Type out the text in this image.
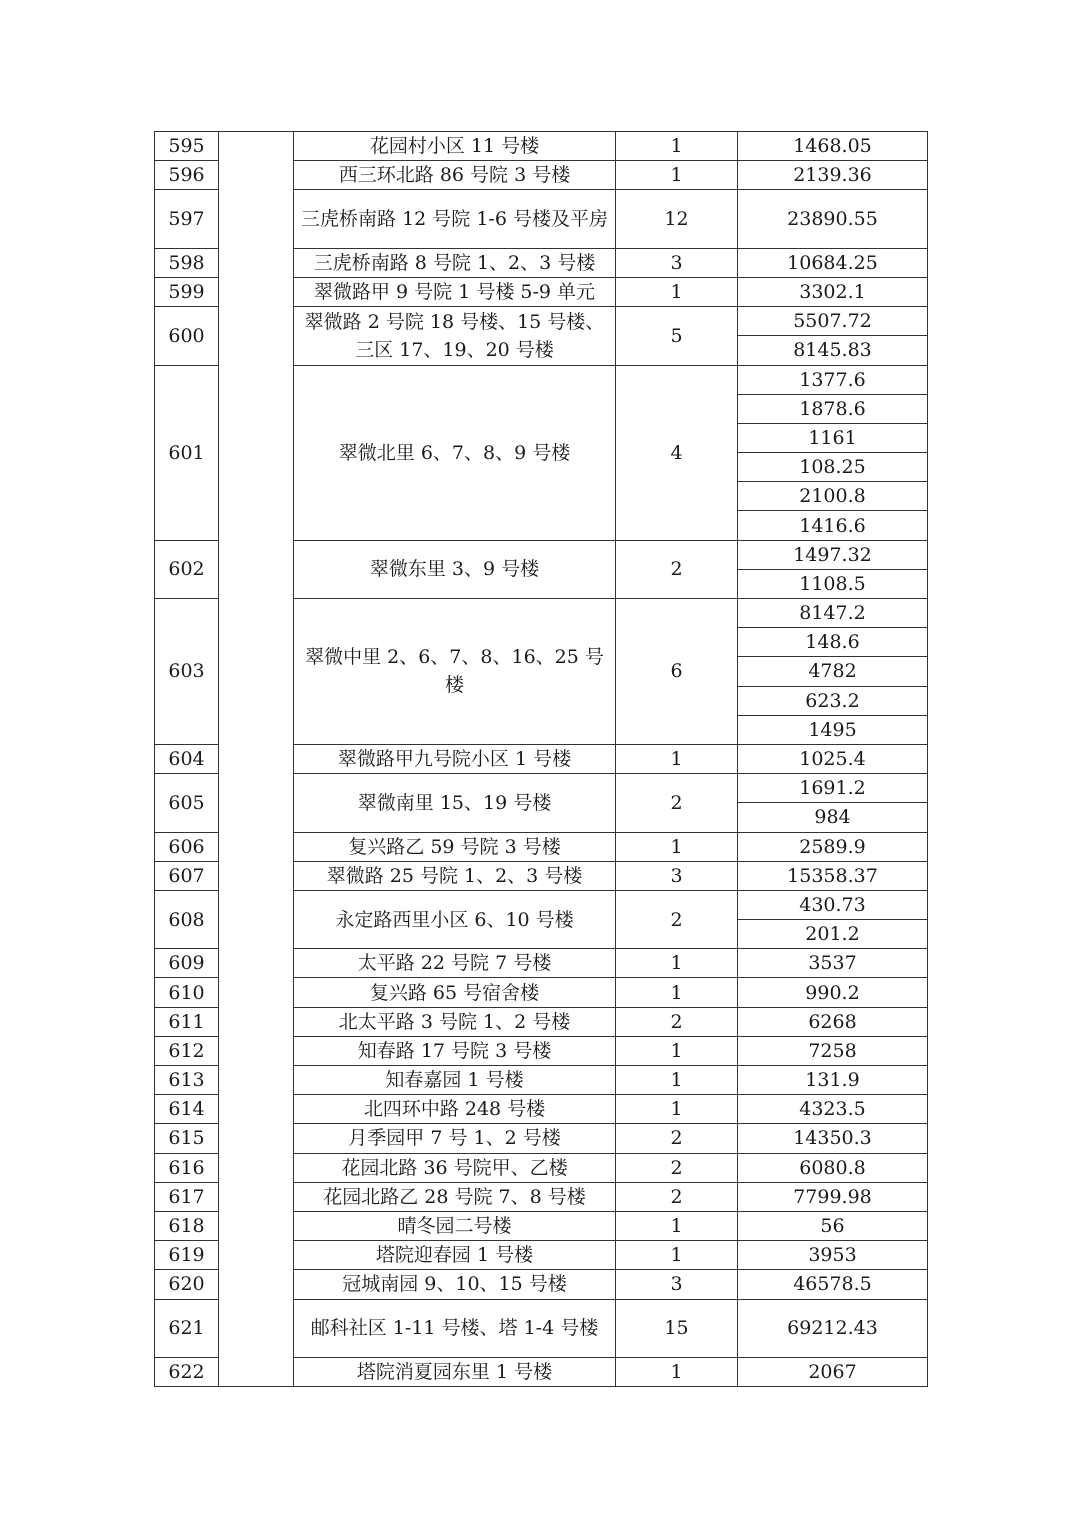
595		花园村小区 11 号楼	1	1468.05
596		西三环北路 86 号院 3 号楼	1	2139.36
597		三虎桥南路 12 号院 1-6 号楼及平房	12	23890.55
598		三虎桥南路 8 号院 1、2、3 号楼	3	10684.25
599		翠微路甲 9 号院 1 号楼 5-9 单元	1	3302.1
600		翠微路 2 号院 18 号楼、15 号楼、三区 17、19、20 号楼	5	5507.72
				8145.83
601		翠微北里 6、7、8、9 号楼	4	1377.6
				1878.6
				1161
				108.25
				2100.8
				1416.6
602		翠微东里 3、9 号楼	2	1497.32
				1108.5
603		翠微中里 2、6、7、8、16、25 号楼	6	8147.2
				148.6
				4782
				623.2
				1495
604		翠微路甲九号院小区 1 号楼	1	1025.4
605		翠微南里 15、19 号楼	2	1691.2
				984
606		复兴路乙 59 号院 3 号楼	1	2589.9
607		翠微路 25 号院 1、2、3 号楼	3	15358.37
608		永定路西里小区 6、10 号楼	2	430.73
				201.2
609		太平路 22 号院 7 号楼	1	3537
610		复兴路 65 号宿舍楼	1	990.2
611		北太平路 3 号院 1、2 号楼	2	6268
612		知春路 17 号院 3 号楼	1	7258
613		知春嘉园 1 号楼	1	131.9
614		北四环中路 248 号楼	1	4323.5
615		月季园甲 7 号 1、2 号楼	2	14350.3
616		花园北路 36 号院甲、乙楼	2	6080.8
617		花园北路乙 28 号院 7、8 号楼	2	7799.98
618		晴冬园二号楼	1	56
619		塔院迎春园 1 号楼	1	3953
620		冠城南园 9、10、15 号楼	3	46578.5
621		邮科社区 1-11 号楼、塔 1-4 号楼	15	69212.43
622		塔院消夏园东里 1 号楼	1	2067
